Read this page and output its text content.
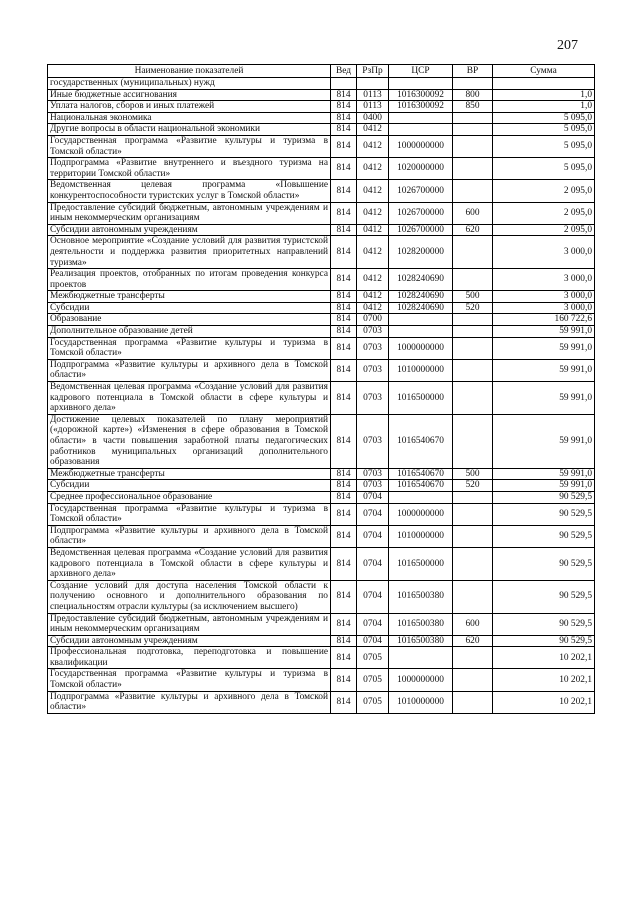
207
Наименование показателей	Вед	РзПр	ЦСР	ВР	Сумма
государственных (муниципальных) нужд					
Иные бюджетные ассигнования	814	0113	1016300092	800	1,0
Уплата налогов, сборов и иных платежей	814	0113	1016300092	850	1,0
Национальная экономика	814	0400			5 095,0
Другие вопросы в области национальной экономики	814	0412			5 095,0
Государственная программа «Развитие культуры и туризма в Томской области»	814	0412	1000000000		5 095,0
Подпрограмма «Развитие внутреннего и въездного туризма на территории Томской области»	814	0412	1020000000		5 095,0
Ведомственная целевая программа «Повышение конкурентоспособности туристских услуг в Томской области»	814	0412	1026700000		2 095,0
Предоставление субсидий бюджетным, автономным учреждениям и иным некоммерческим организациям	814	0412	1026700000	600	2 095,0
Субсидии автономным учреждениям	814	0412	1026700000	620	2 095,0
Основное мероприятие «Создание условий для развития туристской деятельности и поддержка развития приоритетных направлений туризма»	814	0412	1028200000		3 000,0
Реализация проектов, отобранных по итогам проведения конкурса проектов	814	0412	1028240690		3 000,0
Межбюджетные трансферты	814	0412	1028240690	500	3 000,0
Субсидии	814	0412	1028240690	520	3 000,0
Образование	814	0700			160 722,6
Дополнительное образование детей	814	0703			59 991,0
Государственная программа «Развитие культуры и туризма в Томской области»	814	0703	1000000000		59 991,0
Подпрограмма «Развитие культуры и архивного дела в Томской области»	814	0703	1010000000		59 991,0
Ведомственная целевая программа «Создание условий для развития кадрового потенциала в Томской области в сфере культуры и архивного дела»	814	0703	1016500000		59 991,0
Достижение целевых показателей по плану мероприятий («дорожной карте») «Изменения в сфере образования в Томской области» в части повышения заработной платы педагогических работников муниципальных организаций дополнительного образования	814	0703	1016540670		59 991,0
Межбюджетные трансферты	814	0703	1016540670	500	59 991,0
Субсидии	814	0703	1016540670	520	59 991,0
Среднее профессиональное образование	814	0704			90 529,5
Государственная программа «Развитие культуры и туризма в Томской области»	814	0704	1000000000		90 529,5
Подпрограмма «Развитие культуры и архивного дела в Томской области»	814	0704	1010000000		90 529,5
Ведомственная целевая программа «Создание условий для развития кадрового потенциала в Томской области в сфере культуры и архивного дела»	814	0704	1016500000		90 529,5
Создание условий для доступа населения Томской области к получению основного и дополнительного образования по специальностям отрасли культуры (за исключением высшего)	814	0704	1016500380		90 529,5
Предоставление субсидий бюджетным, автономным учреждениям и иным некоммерческим организациям	814	0704	1016500380	600	90 529,5
Субсидии автономным учреждениям	814	0704	1016500380	620	90 529,5
Профессиональная подготовка, переподготовка и повышение квалификации	814	0705			10 202,1
Государственная программа «Развитие культуры и туризма в Томской области»	814	0705	1000000000		10 202,1
Подпрограмма «Развитие культуры и архивного дела в Томской области»	814	0705	1010000000		10 202,1
